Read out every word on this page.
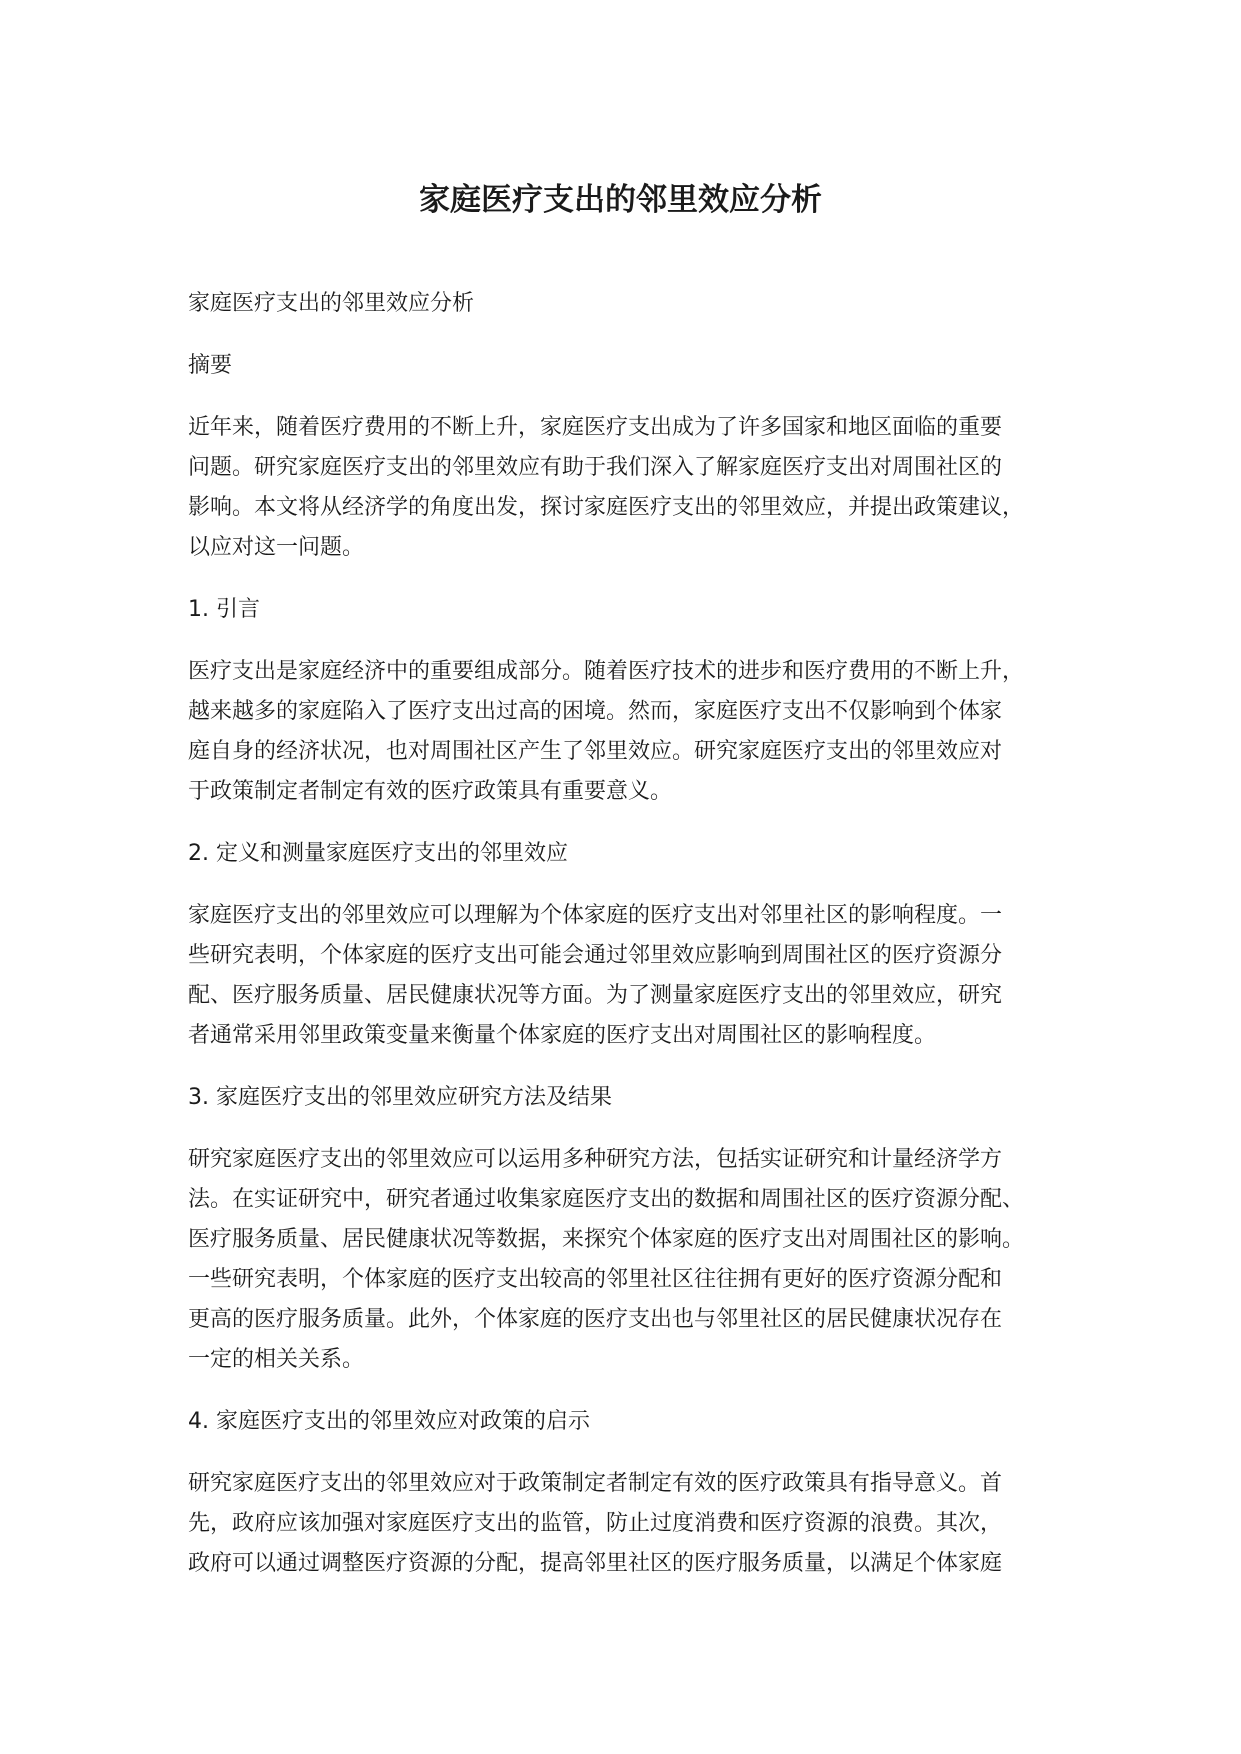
家庭医疗支出的邻里效应分析
家庭医疗支出的邻里效应分析
摘要
近年来，随着医疗费用的不断上升，家庭医疗支出成为了许多国家和地区面临的重要
问题。研究家庭医疗支出的邻里效应有助于我们深入了解家庭医疗支出对周围社区的
影响。本文将从经济学的角度出发，探讨家庭医疗支出的邻里效应，并提出政策建议，
以应对这一问题。
1. 引言
医疗支出是家庭经济中的重要组成部分。随着医疗技术的进步和医疗费用的不断上升，
越来越多的家庭陷入了医疗支出过高的困境。然而，家庭医疗支出不仅影响到个体家
庭自身的经济状况，也对周围社区产生了邻里效应。研究家庭医疗支出的邻里效应对
于政策制定者制定有效的医疗政策具有重要意义。
2. 定义和测量家庭医疗支出的邻里效应
家庭医疗支出的邻里效应可以理解为个体家庭的医疗支出对邻里社区的影响程度。一
些研究表明，个体家庭的医疗支出可能会通过邻里效应影响到周围社区的医疗资源分
配、医疗服务质量、居民健康状况等方面。为了测量家庭医疗支出的邻里效应，研究
者通常采用邻里政策变量来衡量个体家庭的医疗支出对周围社区的影响程度。
3. 家庭医疗支出的邻里效应研究方法及结果
研究家庭医疗支出的邻里效应可以运用多种研究方法，包括实证研究和计量经济学方
法。在实证研究中，研究者通过收集家庭医疗支出的数据和周围社区的医疗资源分配、
医疗服务质量、居民健康状况等数据，来探究个体家庭的医疗支出对周围社区的影响。
一些研究表明，个体家庭的医疗支出较高的邻里社区往往拥有更好的医疗资源分配和
更高的医疗服务质量。此外，个体家庭的医疗支出也与邻里社区的居民健康状况存在
一定的相关关系。
4. 家庭医疗支出的邻里效应对政策的启示
研究家庭医疗支出的邻里效应对于政策制定者制定有效的医疗政策具有指导意义。首
先，政府应该加强对家庭医疗支出的监管，防止过度消费和医疗资源的浪费。其次，
政府可以通过调整医疗资源的分配，提高邻里社区的医疗服务质量，以满足个体家庭
